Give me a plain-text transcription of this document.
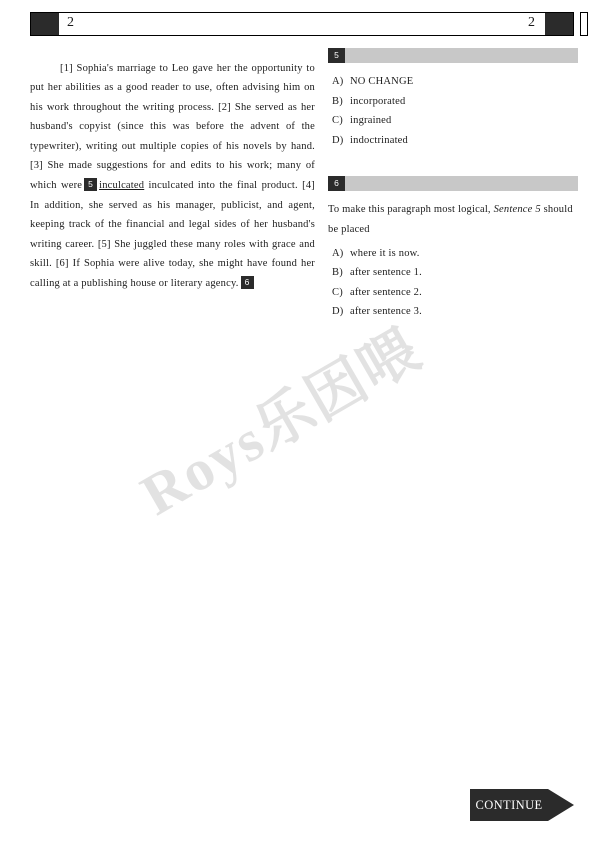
2	2

[1] Sophia's marriage to Leo gave her the opportunity to put her abilities as a good reader to use, often advising him on his work throughout the writing process. [2] She served as her husband's copyist (since this was before the advent of the typewriter), writing out multiple copies of his novels by hand. [3] She made suggestions for and edits to his work; many of which were 5 inculcated inculcated into the final product. [4] In addition, she served as his manager, publicist, and agent, keeping track of the financial and legal sides of her husband's writing career. [5] She juggled these many roles with grace and skill. [6] If Sophia were alive today, she might have found her calling at a publishing house or literary agency. 6

5
A) NO CHANGE
B) incorporated
C) ingrained
D) indoctrinated
6
To make this paragraph most logical, Sentence 5 should be placed
A) where it is now.
B) after sentence 1.
C) after sentence 2.
D) after sentence 3.
Roys乐因喂
CONTINUE
